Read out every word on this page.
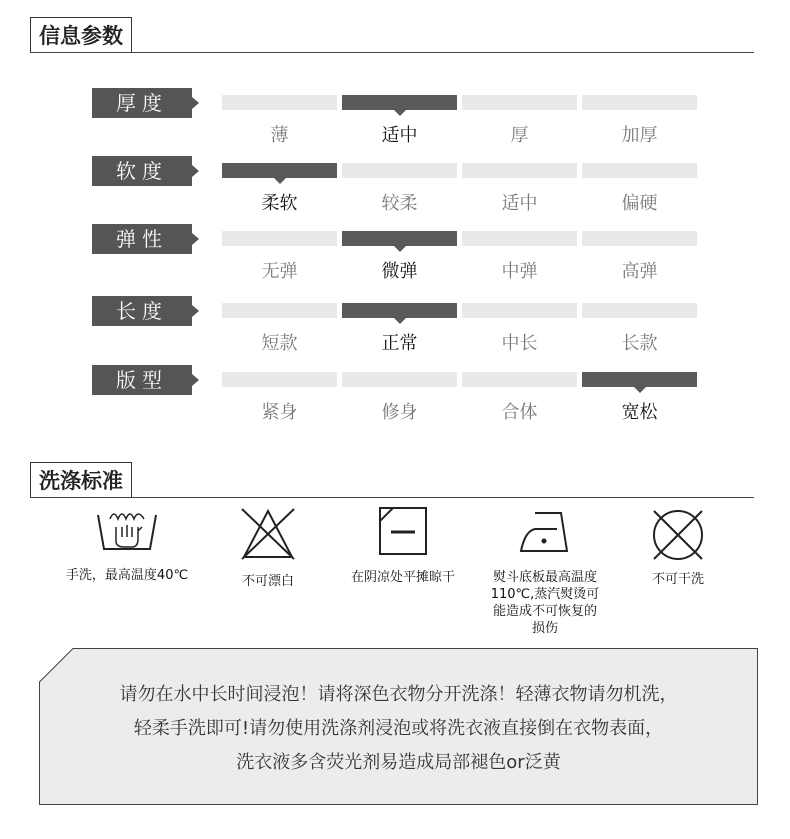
信息参数
厚度
薄	适中	厚	加厚
软度
柔软	较柔	适中	偏硬
弹性
无弹	微弹	中弹	高弹
长度
短款	正常	中长	长款
版型
紧身	修身	合体	宽松
洗涤标准
手洗，最高温度40℃	不可漂白	在阴凉处平摊晾干	熨斗底板最高温度110℃,蒸汽熨烫可能造成不可恢复的损伤
不可干洗
请勿在水中长时间浸泡！请将深色衣物分开洗涤！轻薄衣物请勿机洗，
轻柔手洗即可!请勿使用洗涤剂浸泡或将洗衣液直接倒在衣物表面，
洗衣液多含荧光剂易造成局部褪色or泛黄
